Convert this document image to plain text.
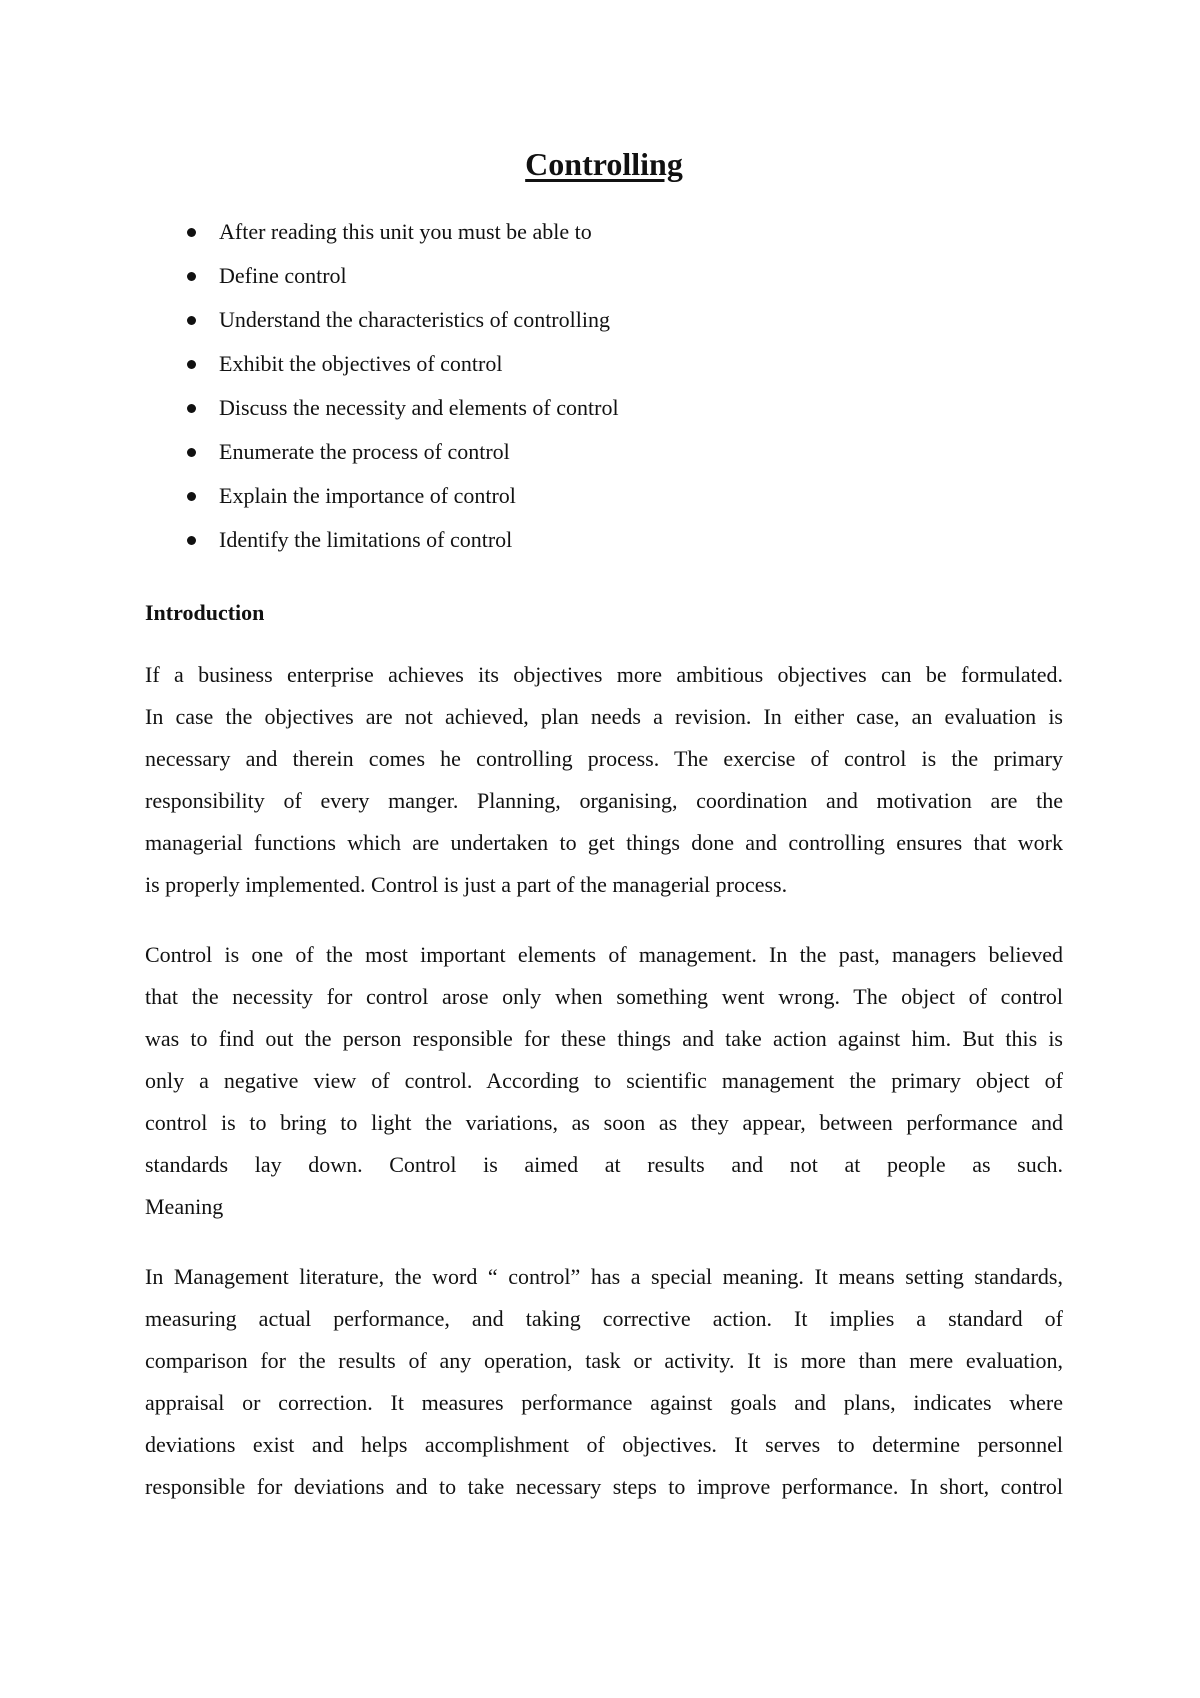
Controlling
After reading this unit you must be able to
Define control
Understand the characteristics of controlling
Exhibit the objectives of control
Discuss the necessity and elements of control
Enumerate the process of control
Explain the importance of control
Identify the limitations of control
Introduction

If a business enterprise achieves its objectives more ambitious objectives can be formulated.
In case the objectives are not achieved, plan needs a revision. In either case, an evaluation is
necessary and therein comes he controlling process. The exercise of control is the primary
responsibility of every manger. Planning, organising, coordination and motivation are the
managerial functions which are undertaken to get things done and controlling ensures that work
is properly implemented. Control is just a part of the managerial process.

Control is one of the most important elements of management. In the past, managers believed
that the necessity for control arose only when something went wrong. The object of control
was to find out the person responsible for these things and take action against him. But this is
only a negative view of control. According to scientific management the primary object of
control is to bring to light the variations, as soon as they appear, between performance and
standards lay down. Control is aimed at results and not at people as such.
Meaning

In Management literature, the word “ control” has a special meaning. It means setting standards,
measuring actual performance, and taking corrective action. It implies a standard of
comparison for the results of any operation, task or activity. It is more than mere evaluation,
appraisal or correction. It measures performance against goals and plans, indicates where
deviations exist and helps accomplishment of objectives. It serves to determine personnel
responsible for deviations and to take necessary steps to improve performance. In short, control
